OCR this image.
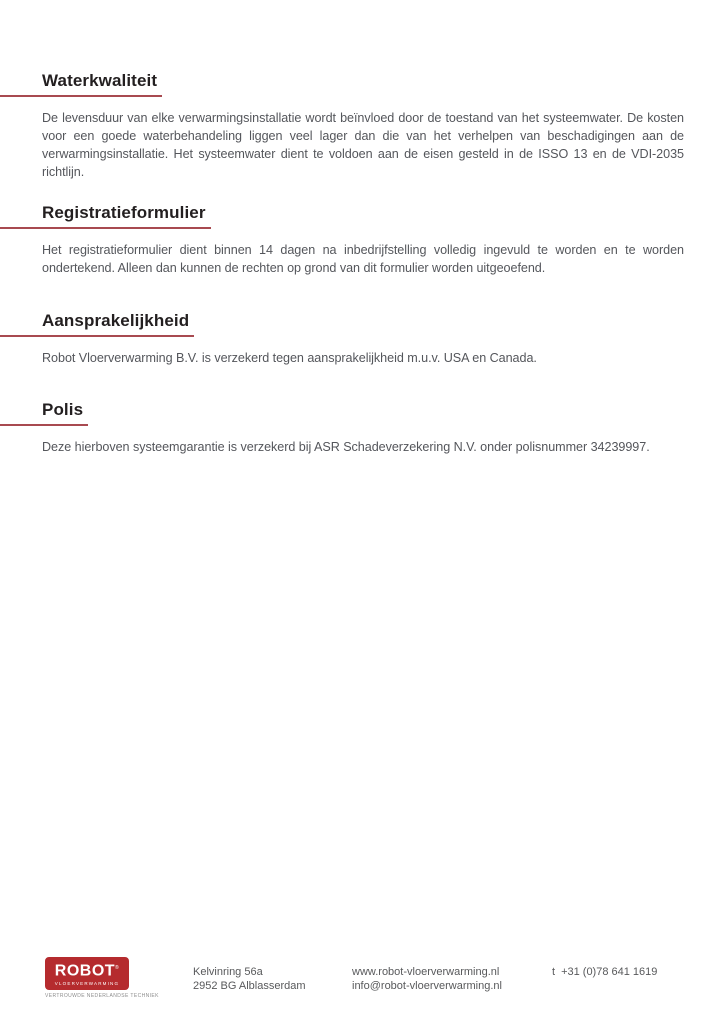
Waterkwaliteit

De levensduur van elke verwarmingsinstallatie wordt beïnvloed door de toestand van het systeemwater. De kosten voor een goede waterbehandeling liggen veel lager dan die van het verhelpen van beschadigingen aan de verwarmingsinstallatie. Het systeemwater dient te voldoen aan de eisen gesteld in de ISSO 13 en de VDI-2035 richtlijn.

Registratieformulier

Het registratieformulier dient binnen 14 dagen na inbedrijfstelling volledig ingevuld te worden en te worden ondertekend. Alleen dan kunnen de rechten op grond van dit formulier worden uitgeoefend.

Aansprakelijkheid

Robot Vloerverwarming B.V. is verzekerd tegen aansprakelijkheid m.u.v. USA en Canada.

Polis

Deze hierboven systeemgarantie is verzekerd bij ASR Schadeverzekering N.V. onder polisnummer 34239997.

ROBOT®
VLOERVERWARMING
VERTROUWDE NEDERLANDSE TECHNIEK
Kelvinring 56a
2952 BG Alblasserdam
www.robot-vloerverwarming.nl
info@robot-vloerverwarming.nl
t +31 (0)78 641 1619
